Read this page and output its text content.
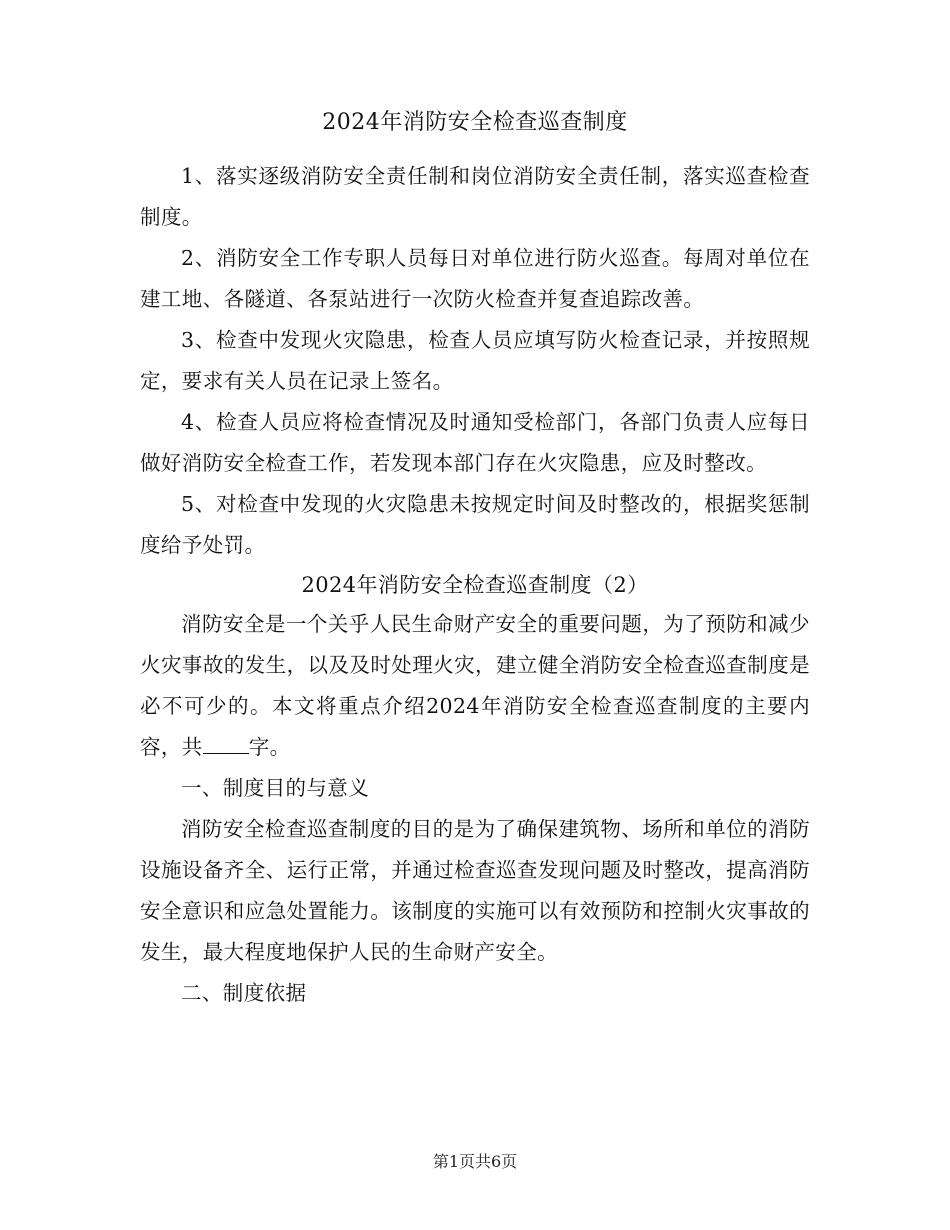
2024年消防安全检查巡查制度

1、落实逐级消防安全责任制和岗位消防安全责任制，落实巡查检查制度。

2、消防安全工作专职人员每日对单位进行防火巡查。每周对单位在建工地、各隧道、各泵站进行一次防火检查并复查追踪改善。

3、检查中发现火灾隐患，检查人员应填写防火检查记录，并按照规定，要求有关人员在记录上签名。

4、检查人员应将检查情况及时通知受检部门，各部门负责人应每日做好消防安全检查工作，若发现本部门存在火灾隐患，应及时整改。

5、对检查中发现的火灾隐患未按规定时间及时整改的，根据奖惩制度给予处罚。

2024年消防安全检查巡查制度（2）

消防安全是一个关乎人民生命财产安全的重要问题，为了预防和减少火灾事故的发生，以及及时处理火灾，建立健全消防安全检查巡查制度是必不可少的。本文将重点介绍2024年消防安全检查巡查制度的主要内容，共 字。

一、制度目的与意义

消防安全检查巡查制度的目的是为了确保建筑物、场所和单位的消防设施设备齐全、运行正常，并通过检查巡查发现问题及时整改，提高消防安全意识和应急处置能力。该制度的实施可以有效预防和控制火灾事故的发生，最大程度地保护人民的生命财产安全。

二、制度依据

第1页共6页
